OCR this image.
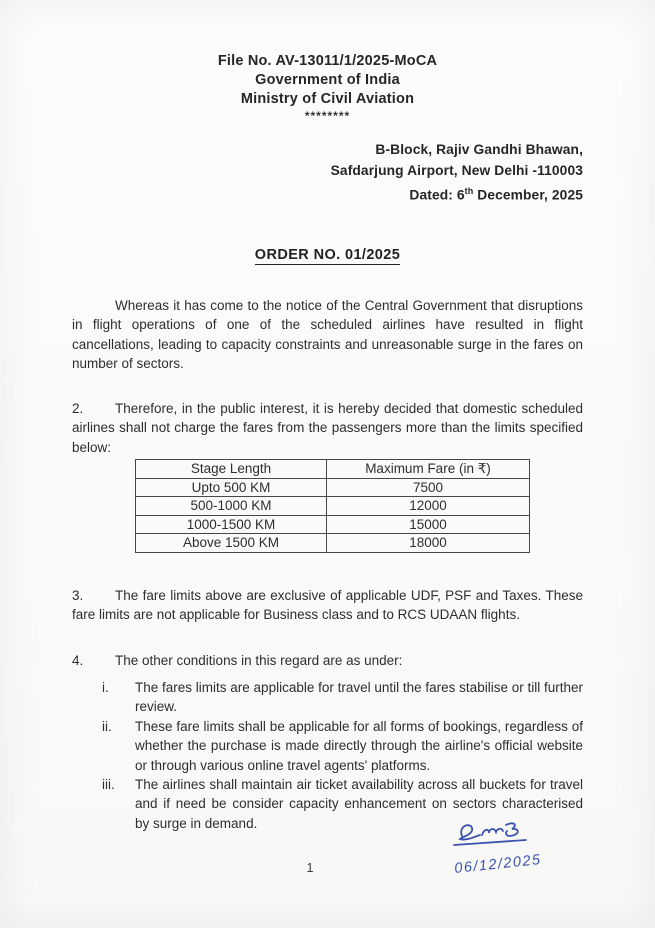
File No. AV-13011/1/2025-MoCA
Government of India
Ministry of Civil Aviation
********
B-Block, Rajiv Gandhi Bhawan,
Safdarjung Airport, New Delhi -110003
Dated: 6th December, 2025
ORDER NO. 01/2025
Whereas it has come to the notice of the Central Government that disruptions in flight operations of one of the scheduled airlines have resulted in flight cancellations, leading to capacity constraints and unreasonable surge in the fares on number of sectors.
2. Therefore, in the public interest, it is hereby decided that domestic scheduled airlines shall not charge the fares from the passengers more than the limits specified below:
Stage Length	Maximum Fare (in ₹)
Upto 500 KM	7500
500-1000 KM	12000
1000-1500 KM	15000
Above 1500 KM	18000
3. The fare limits above are exclusive of applicable UDF, PSF and Taxes. These fare limits are not applicable for Business class and to RCS UDAAN flights.
4. The other conditions in this regard are as under:
i.	The fares limits are applicable for travel until the fares stabilise or till further review.
ii.	These fare limits shall be applicable for all forms of bookings, regardless of whether the purchase is made directly through the airline's official website or through various online travel agents' platforms.
iii.	The airlines shall maintain air ticket availability across all buckets for travel and if need be consider capacity enhancement on sectors characterised by surge in demand.
06/12/2025
1
